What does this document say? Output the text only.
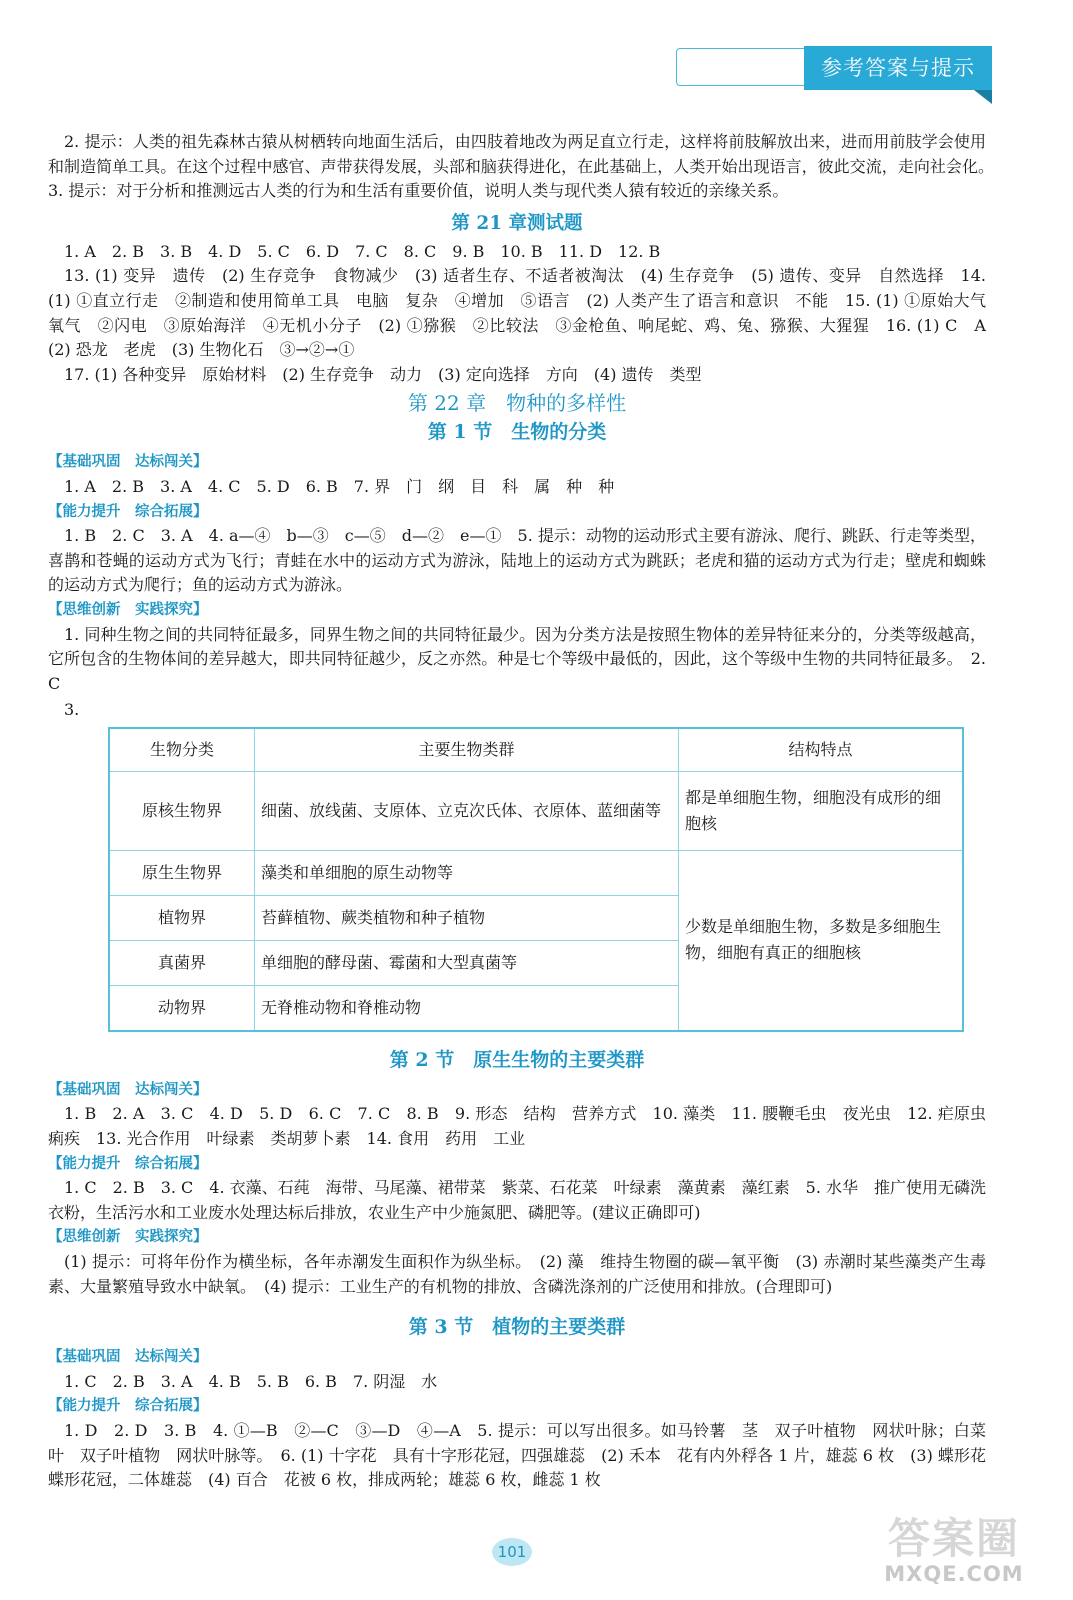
参考答案与提示

2. 提示：人类的祖先森林古猿从树栖转向地面生活后，由四肢着地改为两足直立行走，这样将前肢解放出来，进而用前肢学会使用和制造简单工具。在这个过程中感官、声带获得发展，头部和脑获得进化，在此基础上，人类开始出现语言，彼此交流，走向社会化。　3. 提示：对于分析和推测远古人类的行为和生活有重要价值，说明人类与现代类人猿有较近的亲缘关系。

第 21 章测试题

1. A　2. B　3. B　4. D　5. C　6. D　7. C　8. C　9. B　10. B　11. D　12. B

13. (1) 变异　遗传　(2) 生存竞争　食物减少　(3) 适者生存、不适者被淘汰　(4) 生存竞争　(5) 遗传、变异　自然选择　14. (1) ①直立行走　②制造和使用简单工具　电脑　复杂　④增加　⑤语言　(2) 人类产生了语言和意识　不能　15. (1) ①原始大气　氧气　②闪电　③原始海洋　④无机小分子　(2) ①猕猴　②比较法　③金枪鱼、响尾蛇、鸡、兔、猕猴、大猩猩　16. (1) C　A　(2) 恐龙　老虎　(3) 生物化石　③→②→①

17. (1) 各种变异　原始材料　(2) 生存竞争　动力　(3) 定向选择　方向　(4) 遗传　类型

第 22 章　物种的多样性
第 1 节　生物的分类

【基础巩固　达标闯关】

1. A　2. B　3. A　4. C　5. D　6. B　7. 界　门　纲　目　科　属　种　种

【能力提升　综合拓展】

1. B　2. C　3. A　4. a—④　b—③　c—⑤　d—②　e—①　5. 提示：动物的运动形式主要有游泳、爬行、跳跃、行走等类型，喜鹊和苍蝇的运动方式为飞行；青蛙在水中的运动方式为游泳，陆地上的运动方式为跳跃；老虎和猫的运动方式为行走；壁虎和蜘蛛的运动方式为爬行；鱼的运动方式为游泳。

【思维创新　实践探究】

1. 同种生物之间的共同特征最多，同界生物之间的共同特征最少。因为分类方法是按照生物体的差异特征来分的，分类等级越高，它所包含的生物体间的差异越大，即共同特征越少，反之亦然。种是七个等级中最低的，因此，这个等级中生物的共同特征最多。　2. C

3.

生物分类	主要生物类群	结构特点
原核生物界	细菌、放线菌、支原体、立克次氏体、衣原体、蓝细菌等	都是单细胞生物，细胞没有成形的细胞核
原生生物界	藻类和单细胞的原生动物等	少数是单细胞生物，多数是多细胞生物，细胞有真正的细胞核
植物界	苔藓植物、蕨类植物和种子植物	
真菌界	单细胞的酵母菌、霉菌和大型真菌等	
动物界	无脊椎动物和脊椎动物	
第 2 节　原生生物的主要类群

【基础巩固　达标闯关】

1. B　2. A　3. C　4. D　5. D　6. C　7. C　8. B　9. 形态　结构　营养方式　10. 藻类　11. 腰鞭毛虫　夜光虫　12. 疟原虫　痢疾　13. 光合作用　叶绿素　类胡萝卜素　14. 食用　药用　工业

【能力提升　综合拓展】

1. C　2. B　3. C　4. 衣藻、石莼　海带、马尾藻、裙带菜　紫菜、石花菜　叶绿素　藻黄素　藻红素　5. 水华　推广使用无磷洗衣粉，生活污水和工业废水处理达标后排放，农业生产中少施氮肥、磷肥等。(建议正确即可)

【思维创新　实践探究】

(1) 提示：可将年份作为横坐标，各年赤潮发生面积作为纵坐标。　(2) 藻　维持生物圈的碳—氧平衡　(3) 赤潮时某些藻类产生毒素、大量繁殖导致水中缺氧。　(4) 提示：工业生产的有机物的排放、含磷洗涤剂的广泛使用和排放。(合理即可)

第 3 节　植物的主要类群

【基础巩固　达标闯关】

1. C　2. B　3. A　4. B　5. B　6. B　7. 阴湿　水

【能力提升　综合拓展】

1. D　2. D　3. B　4. ①—B　②—C　③—D　④—A　5. 提示：可以写出很多。如马铃薯　茎　双子叶植物　网状叶脉；白菜　叶　双子叶植物　网状叶脉等。　6. (1) 十字花　具有十字形花冠，四强雄蕊　(2) 禾本　花有内外稃各 1 片，雄蕊 6 枚　(3) 蝶形花　蝶形花冠，二体雄蕊　(4) 百合　花被 6 枚，排成两轮；雄蕊 6 枚，雌蕊 1 枚

101	答案圈
MXQE.COM
